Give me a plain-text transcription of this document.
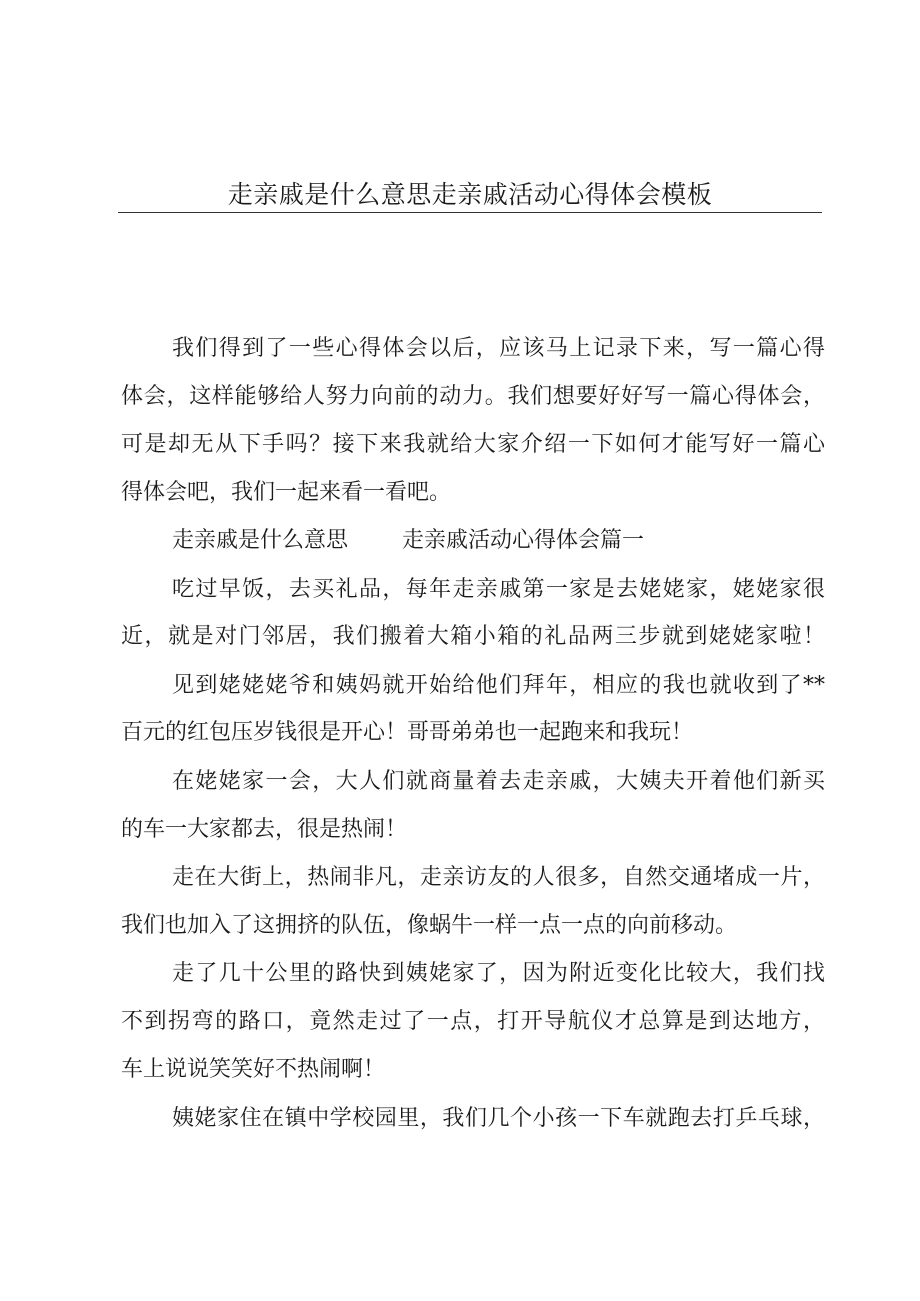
走亲戚是什么意思走亲戚活动心得体会模板
我们得到了一些心得体会以后，应该马上记录下来，写一篇心得
体会，这样能够给人努力向前的动力。我们想要好好写一篇心得体会，
可是却无从下手吗？接下来我就给大家介绍一下如何才能写好一篇心
得体会吧，我们一起来看一看吧。
走亲戚是什么意思 走亲戚活动心得体会篇一
吃过早饭，去买礼品，每年走亲戚第一家是去姥姥家，姥姥家很
近，就是对门邻居，我们搬着大箱小箱的礼品两三步就到姥姥家啦！
见到姥姥姥爷和姨妈就开始给他们拜年，相应的我也就收到了**
百元的红包压岁钱很是开心！哥哥弟弟也一起跑来和我玩！
在姥姥家一会，大人们就商量着去走亲戚，大姨夫开着他们新买
的车一大家都去，很是热闹！
走在大街上，热闹非凡，走亲访友的人很多，自然交通堵成一片，
我们也加入了这拥挤的队伍，像蜗牛一样一点一点的向前移动。
走了几十公里的路快到姨姥家了，因为附近变化比较大，我们找
不到拐弯的路口，竟然走过了一点，打开导航仪才总算是到达地方，
车上说说笑笑好不热闹啊！
姨姥家住在镇中学校园里，我们几个小孩一下车就跑去打乒乓球，
